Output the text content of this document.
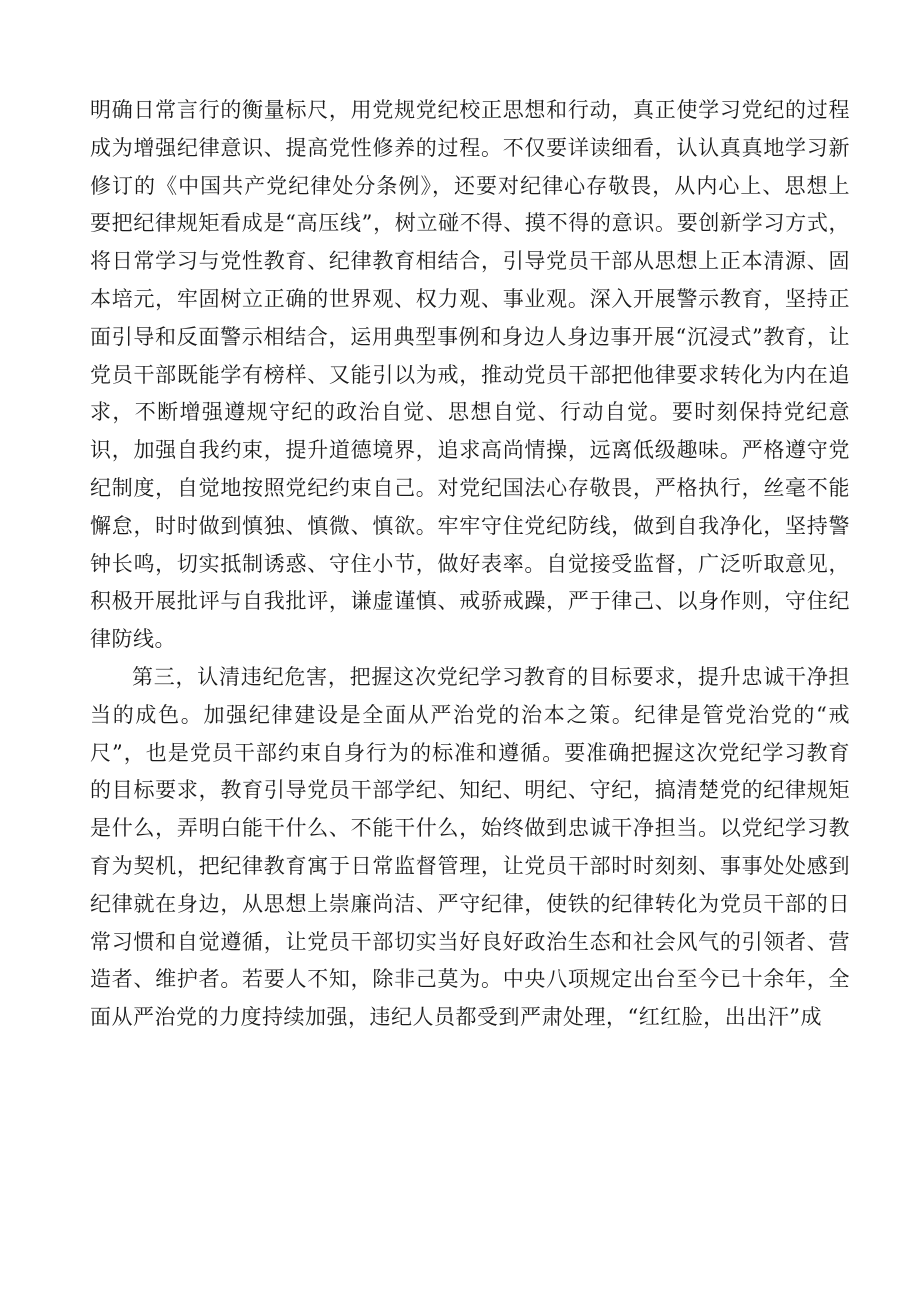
明确日常言行的衡量标尺，用党规党纪校正思想和行动，真正使学习党纪的过程成为增强纪律意识、提高党性修养的过程。不仅要详读细看，认认真真地学习新修订的《中国共产党纪律处分条例》，还要对纪律心存敬畏，从内心上、思想上要把纪律规矩看成是“高压线”，树立碰不得、摸不得的意识。要创新学习方式，将日常学习与党性教育、纪律教育相结合，引导党员干部从思想上正本清源、固本培元，牢固树立正确的世界观、权力观、事业观。深入开展警示教育，坚持正面引导和反面警示相结合，运用典型事例和身边人身边事开展“沉浸式”教育，让党员干部既能学有榜样、又能引以为戒，推动党员干部把他律要求转化为内在追求，不断增强遵规守纪的政治自觉、思想自觉、行动自觉。要时刻保持党纪意识，加强自我约束，提升道德境界，追求高尚情操，远离低级趣味。严格遵守党纪制度，自觉地按照党纪约束自己。对党纪国法心存敬畏，严格执行，丝毫不能懈怠，时时做到慎独、慎微、慎欲。牢牢守住党纪防线，做到自我净化，坚持警钟长鸣，切实抵制诱惑、守住小节，做好表率。自觉接受监督，广泛听取意见，积极开展批评与自我批评，谦虚谨慎、戒骄戒躁，严于律己、以身作则，守住纪律防线。

第三，认清违纪危害，把握这次党纪学习教育的目标要求，提升忠诚干净担当的成色。加强纪律建设是全面从严治党的治本之策。纪律是管党治党的“戒尺”，也是党员干部约束自身行为的标准和遵循。要准确把握这次党纪学习教育的目标要求，教育引导党员干部学纪、知纪、明纪、守纪，搞清楚党的纪律规矩是什么，弄明白能干什么、不能干什么，始终做到忠诚干净担当。以党纪学习教育为契机，把纪律教育寓于日常监督管理，让党员干部时时刻刻、事事处处感到纪律就在身边，从思想上崇廉尚洁、严守纪律，使铁的纪律转化为党员干部的日常习惯和自觉遵循，让党员干部切实当好良好政治生态和社会风气的引领者、营造者、维护者。若要人不知，除非己莫为。中央八项规定出台至今已十余年，全面从严治党的力度持续加强，违纪人员都受到严肃处理，“红红脸，出出汗”成
